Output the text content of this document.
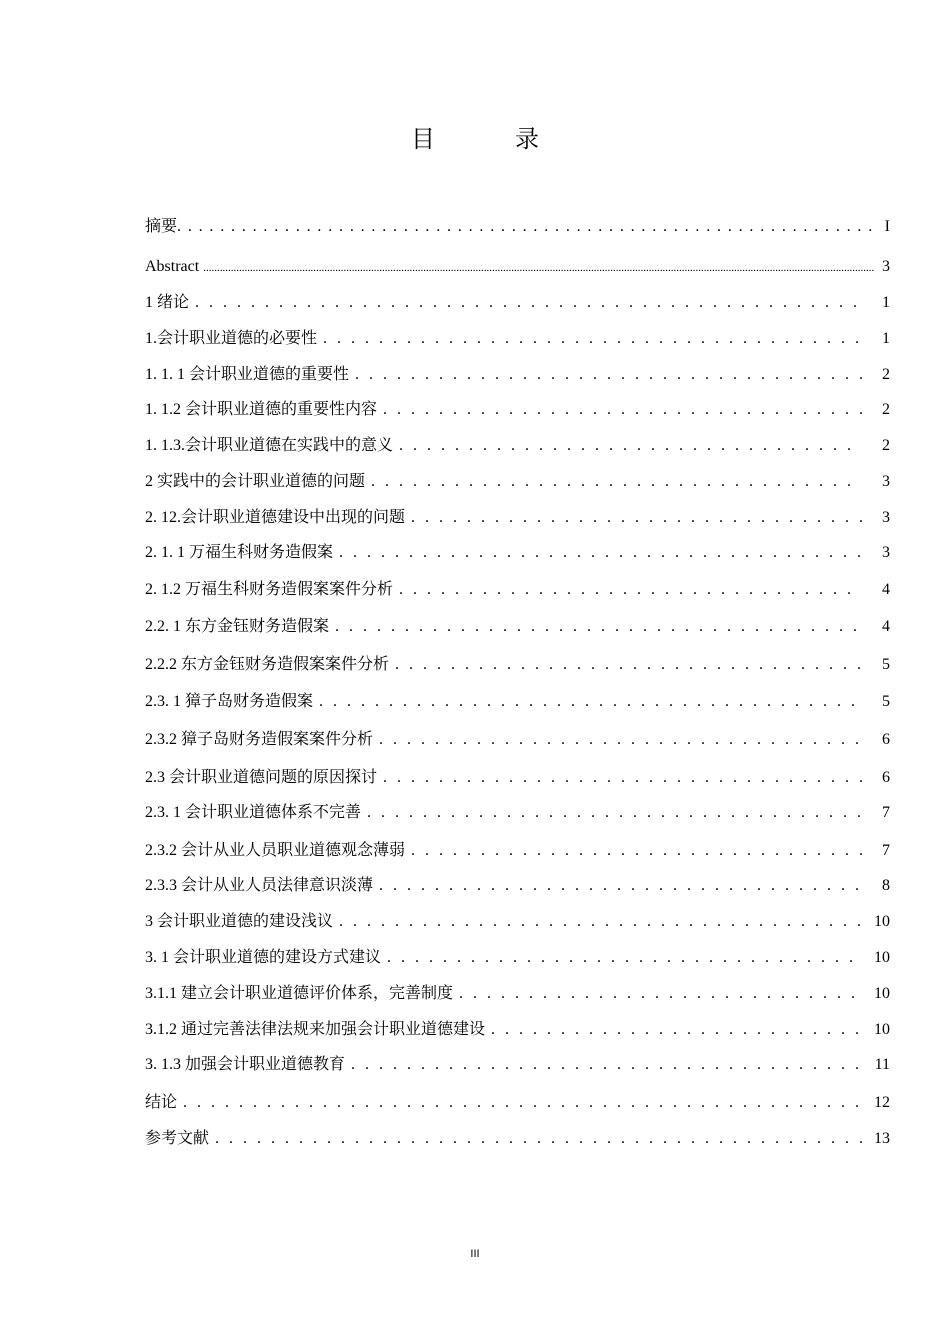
目　录
摘要 . . .	I
Abstract .....	3
1 绪论 . . .	1
1.会计职业道德的必要性 . . .	1
1. 1. 1 会计职业道德的重要性 . . .	2
1. 1.2 会计职业道德的重要性内容 . . .	2
1. 1.3.会计职业道德在实践中的意义 . . .	2
2 实践中的会计职业道德的问题 . . .	3
2. 12.会计职业道德建设中出现的问题 . . .	3
2. 1. 1 万福生科财务造假案 . . .	3
2. 1.2 万福生科财务造假案案件分析 . . .	4
2.2. 1 东方金钰财务造假案 . . .	4
2.2.2 东方金钰财务造假案案件分析 . . .	5
2.3. 1 獐子岛财务造假案 . . .	5
2.3.2 獐子岛财务造假案案件分析 . . .	6
2.3 会计职业道德问题的原因探讨 . . .	6
2.3. 1 会计职业道德体系不完善 . . .	7
2.3.2 会计从业人员职业道德观念薄弱 . . .	7
2.3.3 会计从业人员法律意识淡薄 . . .	8
3 会计职业道德的建设浅议 . . .	10
3. 1 会计职业道德的建设方式建议 . . .	10
3.1.1 建立会计职业道德评价体系，完善制度 . . .	10
3.1.2 通过完善法律法规来加强会计职业道德建设 . . .	10
3. 1.3 加强会计职业道德教育 . . .	11
结论 . . .	12
参考文献 . . .	13
III
